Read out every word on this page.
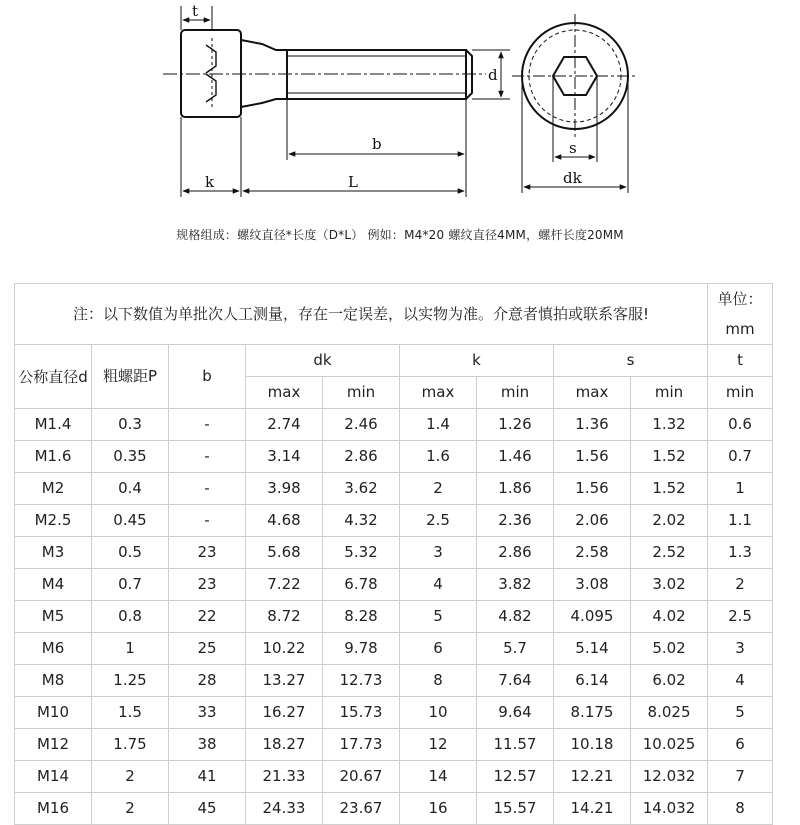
t
d
b
k	L
s
dk
规格组成：螺纹直径*长度（D*L） 例如：M4*20 螺纹直径4MM，螺杆长度20MM
注：以下数值为单批次人工测量，存在一定误差，以实物为准。介意者慎拍或联系客服!									单位：mm

公称直径d	粗螺距P	b	dk		k		s		t
			max	min	max	min	max	min	min
M1.4	0.3	-	2.74	2.46	1.4	1.26	1.36	1.32	0.6
M1.6	0.35	-	3.14	2.86	1.6	1.46	1.56	1.52	0.7
M2	0.4	-	3.98	3.62	2	1.86	1.56	1.52	1
M2.5	0.45	-	4.68	4.32	2.5	2.36	2.06	2.02	1.1
M3	0.5	23	5.68	5.32	3	2.86	2.58	2.52	1.3
M4	0.7	23	7.22	6.78	4	3.82	3.08	3.02	2
M5	0.8	22	8.72	8.28	5	4.82	4.095	4.02	2.5
M6	1	25	10.22	9.78	6	5.7	5.14	5.02	3
M8	1.25	28	13.27	12.73	8	7.64	6.14	6.02	4
M10	1.5	33	16.27	15.73	10	9.64	8.175	8.025	5
M12	1.75	38	18.27	17.73	12	11.57	10.18	10.025	6
M14	2	41	21.33	20.67	14	12.57	12.21	12.032	7
M16	2	45	24.33	23.67	16	15.57	14.21	14.032	8
